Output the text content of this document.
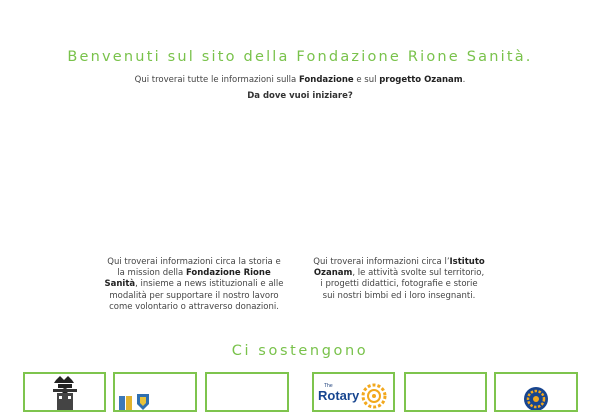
Benvenuti sul sito della Fondazione Rione Sanità.
Qui troverai tutte le informazioni sulla Fondazione e sul progetto Ozanam.
Da dove vuoi iniziare?
Qui troverai informazioni circa la storia e la mission della Fondazione Rione Sanità, insieme a news istituzionali e alle modalità per supportare il nostro lavoro come volontario o attraverso donazioni.
Qui troverai informazioni circa l’Istituto Ozanam, le attività svolte sul territorio, i progetti didattici, fotografie e storie sui nostri bimbi ed i loro insegnanti.
Ci sostengono
The
Rotary
